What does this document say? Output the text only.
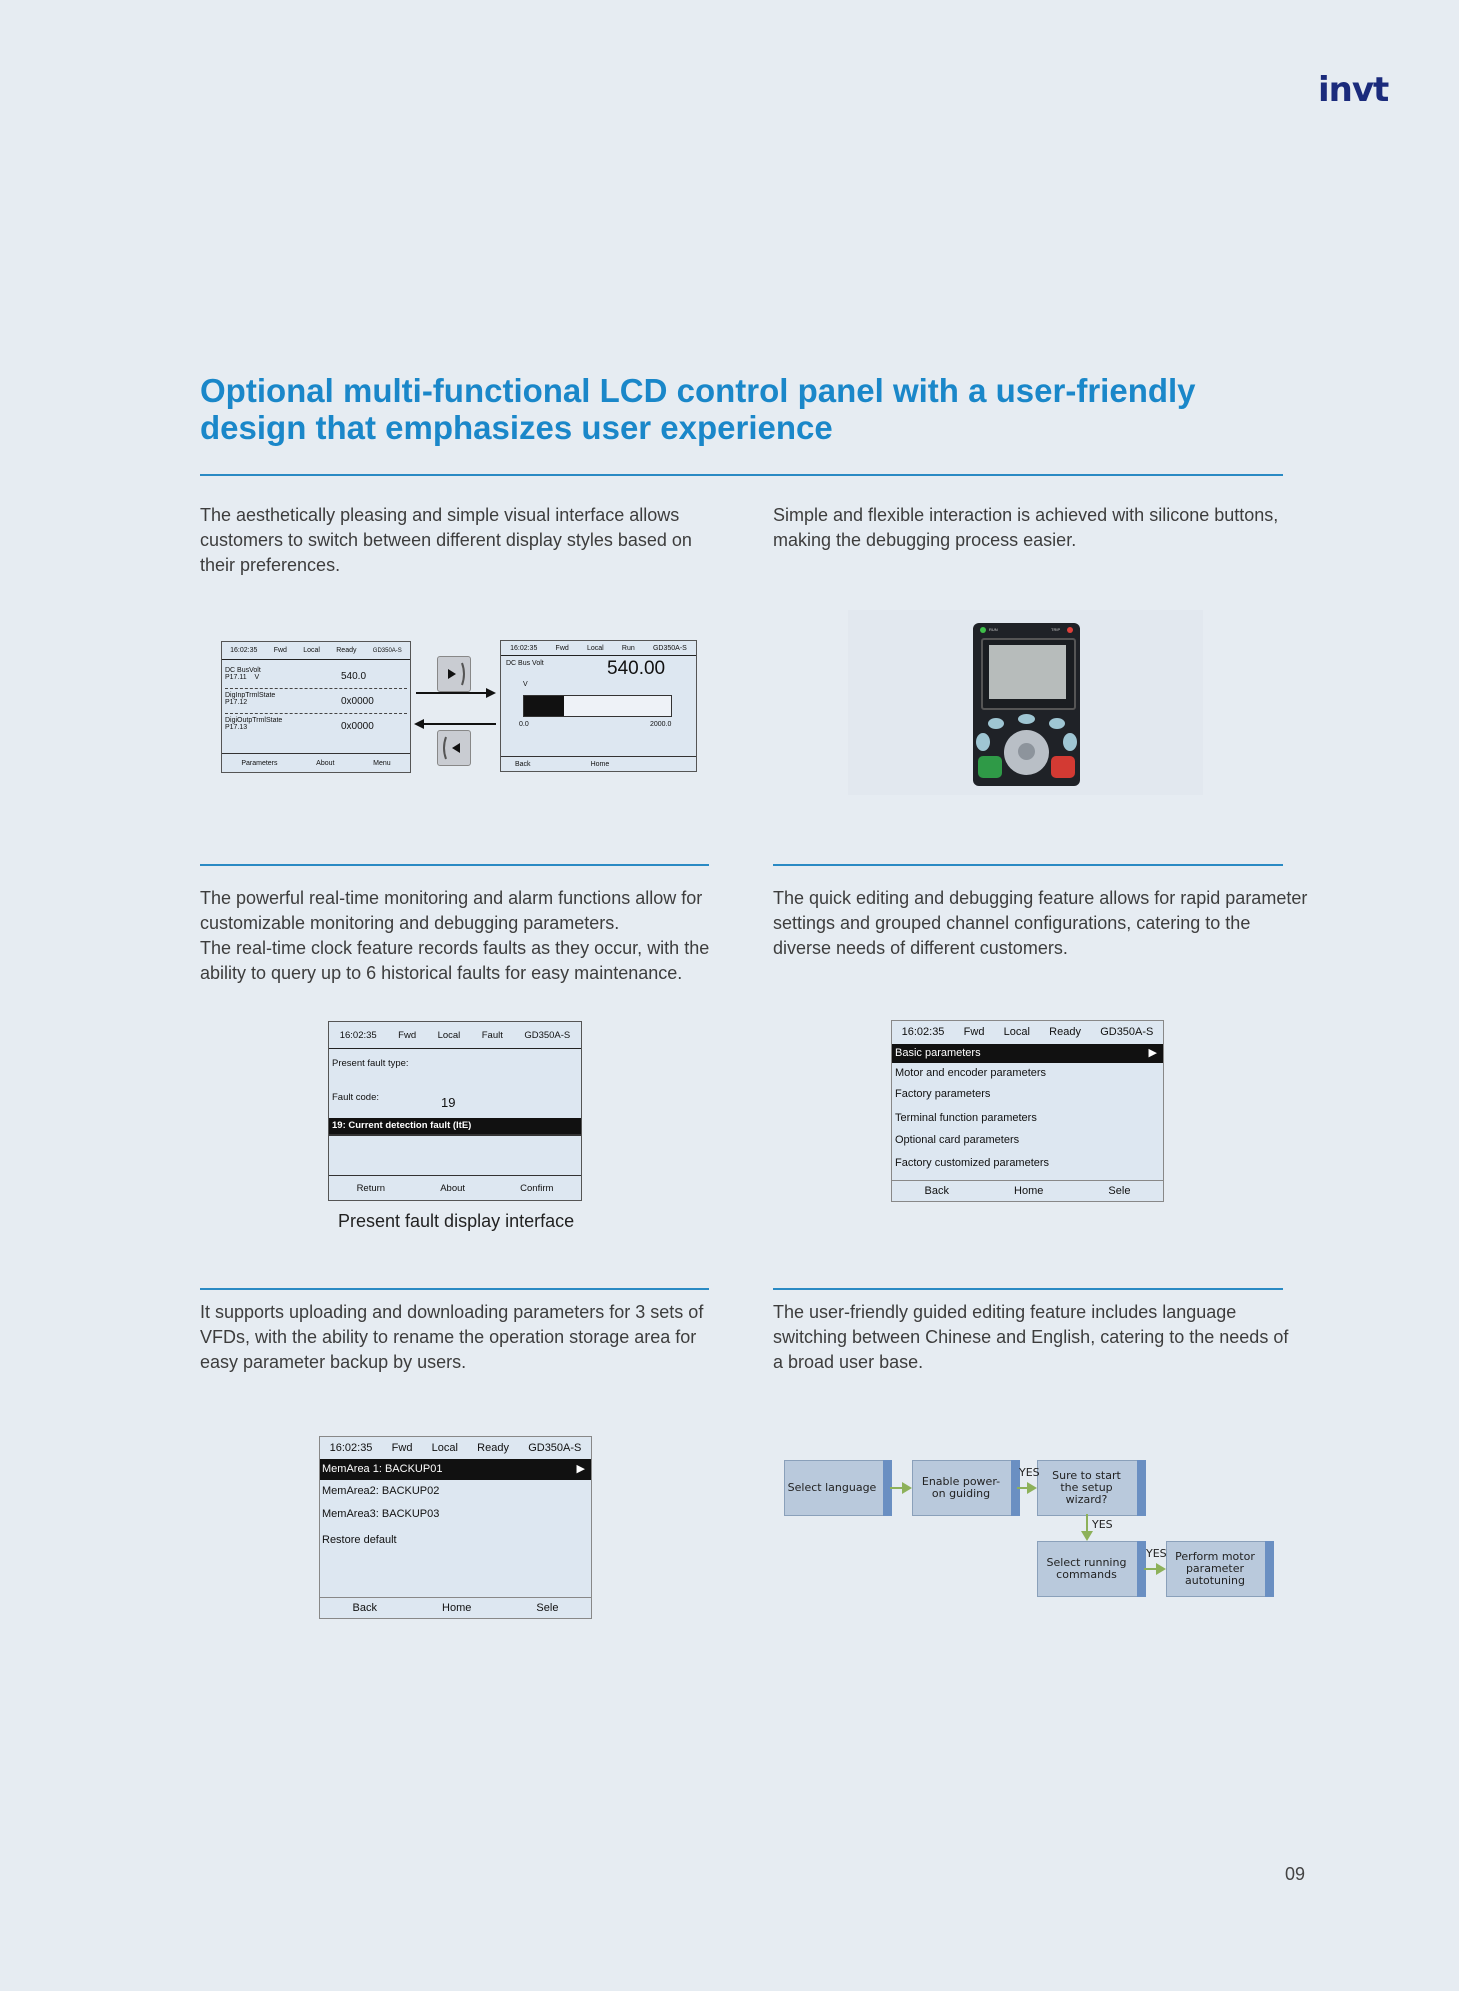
invt
Optional multi-functional LCD control panel with a user-friendly design that emphasizes user experience
The aesthetically pleasing and simple visual interface allows customers to switch between different display styles based on their preferences.
Simple and flexible interaction is achieved with silicone buttons, making the debugging process easier.
16:02:35 Fwd Local Ready	GD350A-S
DC BusVolt
P17.11 V	540.0
DigInpTrmlState
P17.12	0x0000
DigiOutpTrmlState
P17.13	0x0000
Parameters	About	Menu
16:02:35	Fwd	Local	Run	GD350A-S
DC Bus Volt	540.00
V
0.0	2000.0
Back	Home
RUN	TRIP
The powerful real-time monitoring and alarm functions allow for customizable monitoring and debugging parameters.
The real-time clock feature records faults as they occur, with the ability to query up to 6 historical faults for easy maintenance.
The quick editing and debugging feature allows for rapid parameter settings and grouped channel configurations, catering to the diverse needs of different customers.
16:02:35 Fwd Local Fault GD350A-S
Present fault type:
Fault code:	19
19: Current detection fault (ItE)
Return	About	Confirm
Present fault display interface
16:02:35 Fwd Local Ready GD350A-S
Basic parameters	▶
Motor and encoder parameters
Factory parameters
Terminal function parameters
Optional card parameters
Factory customized parameters
Back	Home	Sele
It supports uploading and downloading parameters for 3 sets of VFDs, with the ability to rename the operation storage area for easy parameter backup by users.
The user-friendly guided editing feature includes language switching between Chinese and English, catering to the needs of a broad user base.
16:02:35 Fwd Local Ready GD350A-S
MemArea 1: BACKUP01	▶
MemArea2: BACKUP02
MemArea3: BACKUP03
Restore default
Back	Home	Sele
Select language	Enable power-on guiding
Sure to start the setup wizard?
Select running commands
Perform motor parameter autotuning
YES
YES
YES
09
